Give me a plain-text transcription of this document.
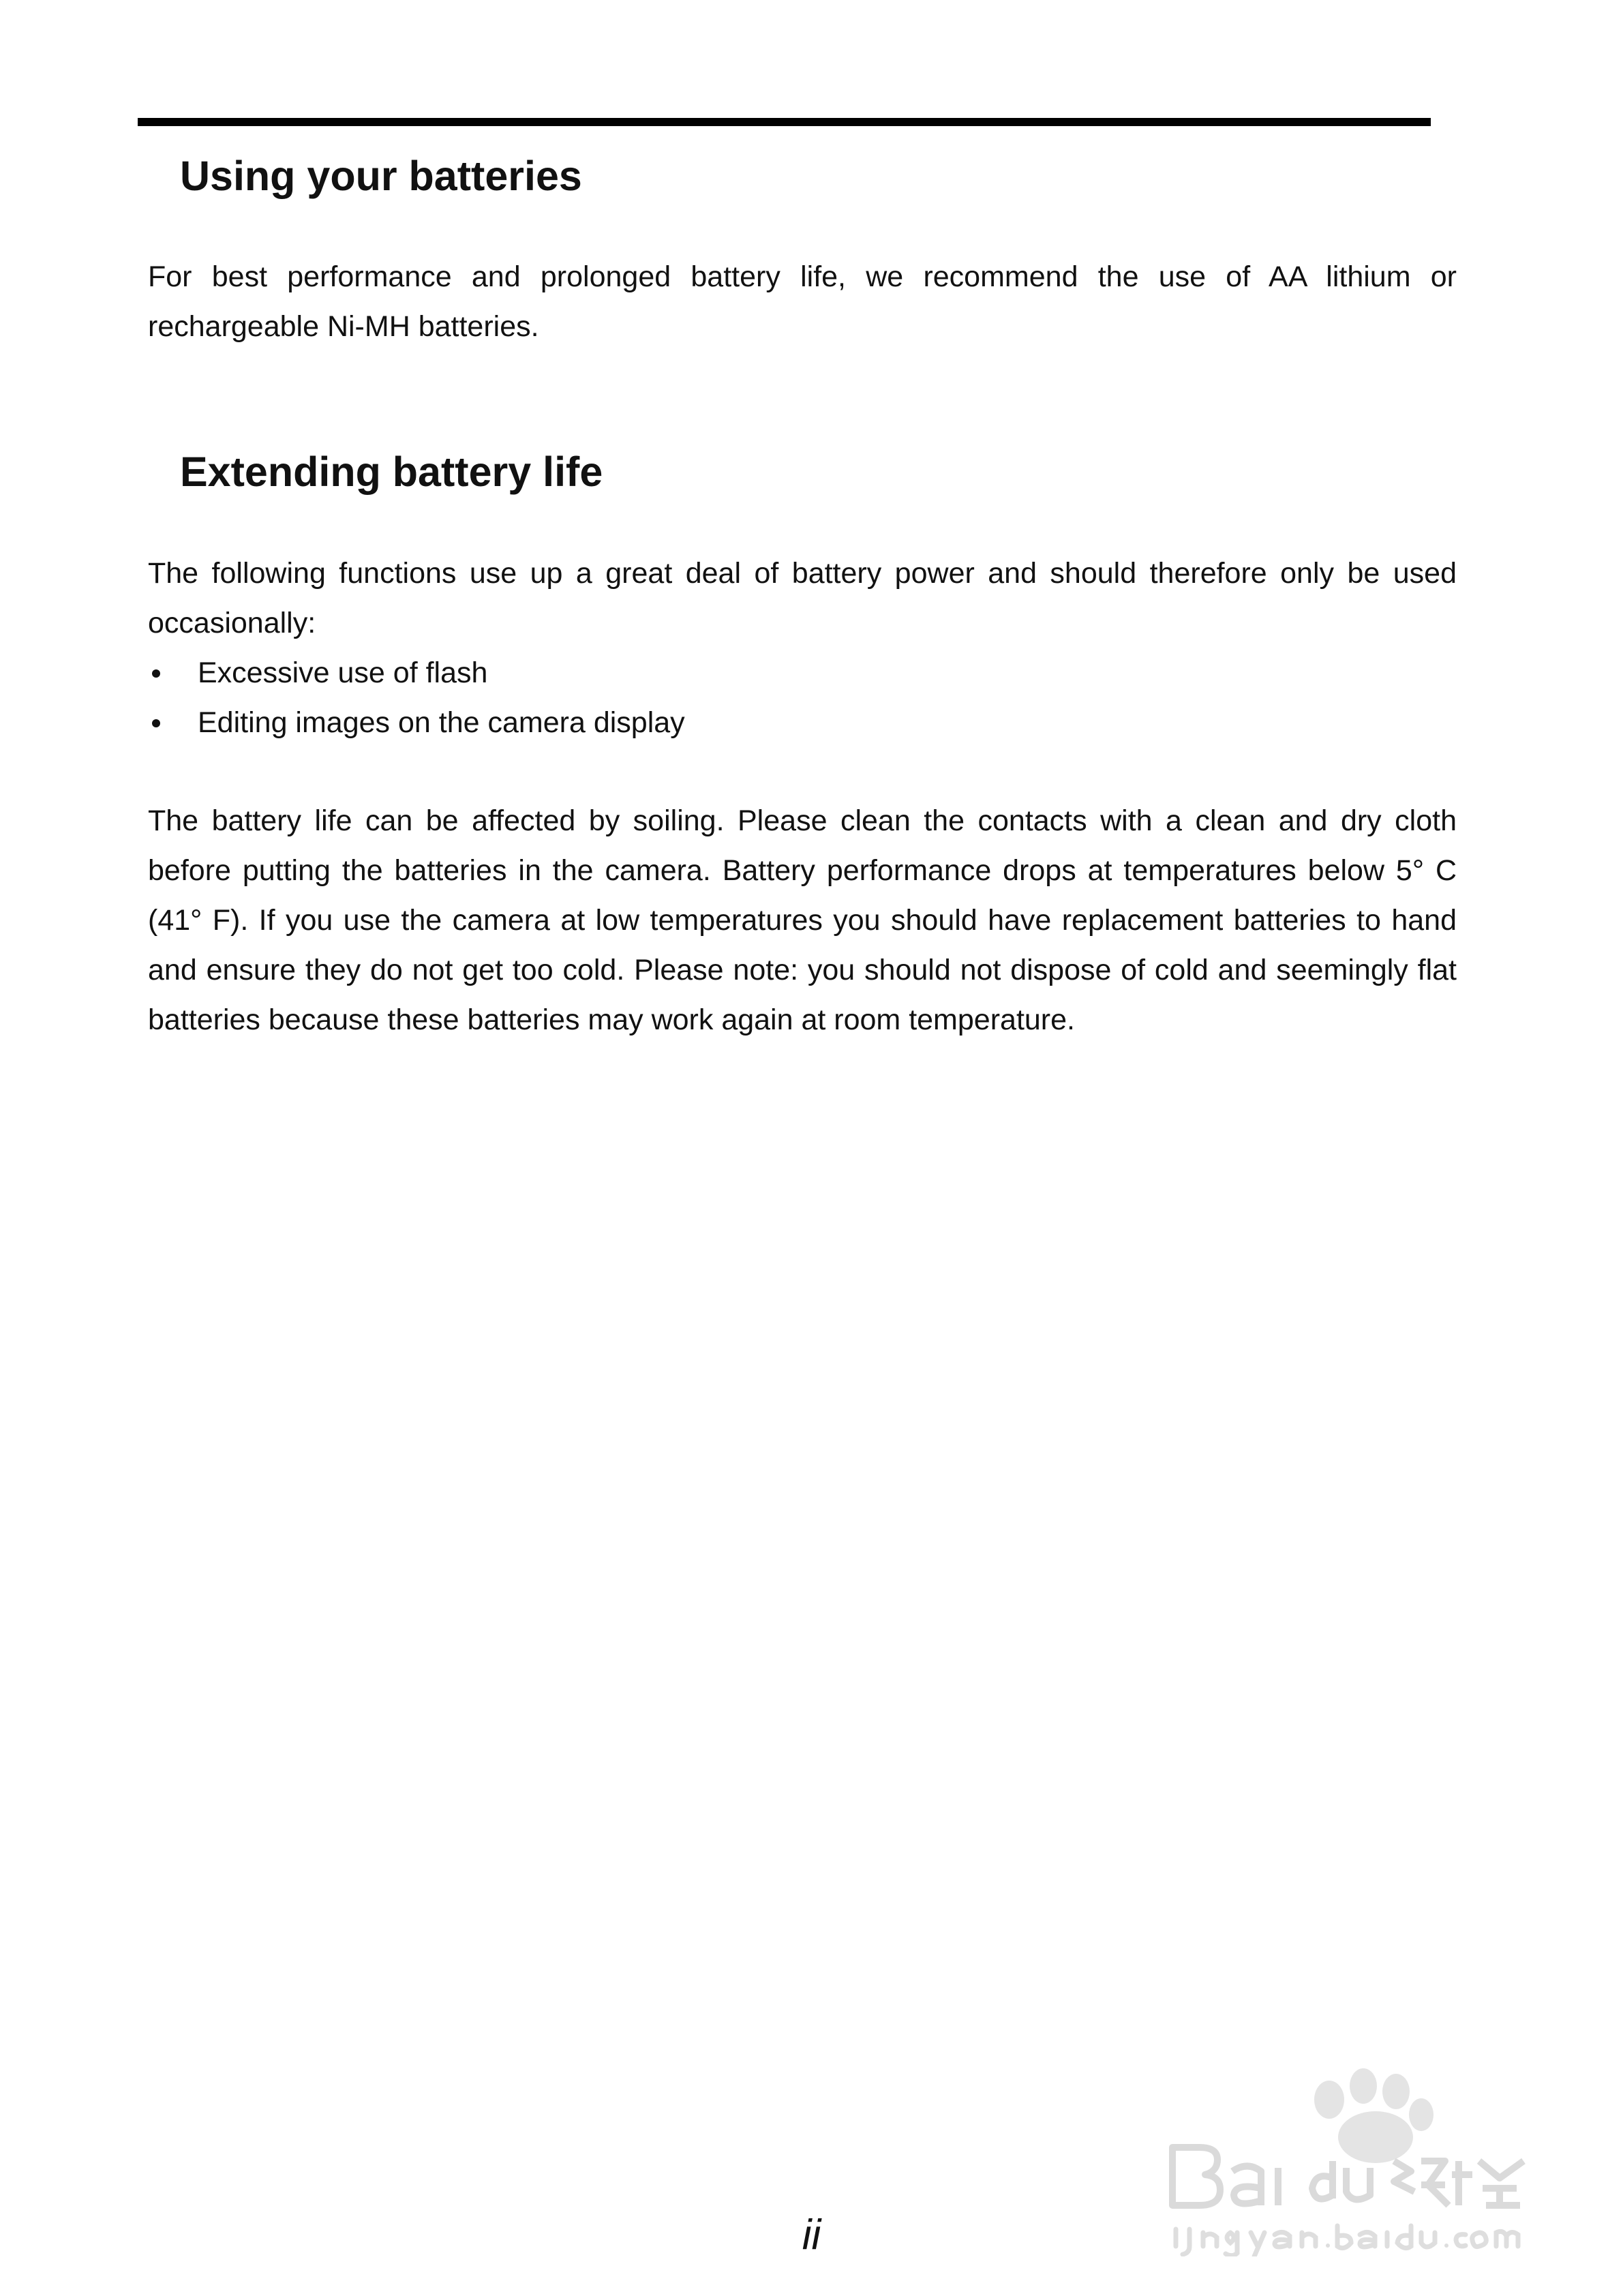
Using your batteries

For best performance and prolonged battery life, we recommend the use of AA lithium or rechargeable Ni-MH batteries.

Extending battery life

The following functions use up a great deal of battery power and should therefore only be used occasionally:

Excessive use of flash
Editing images on the camera display

The battery life can be affected by soiling. Please clean the contacts with a clean and dry cloth before putting the batteries in the camera. Battery performance drops at temperatures below 5° C (41° F). If you use the camera at low temperatures you should have replacement batteries to hand and ensure they do not get too cold. Please note: you should not dispose of cold and seemingly flat batteries because these batteries may work again at room temperature.

ii
